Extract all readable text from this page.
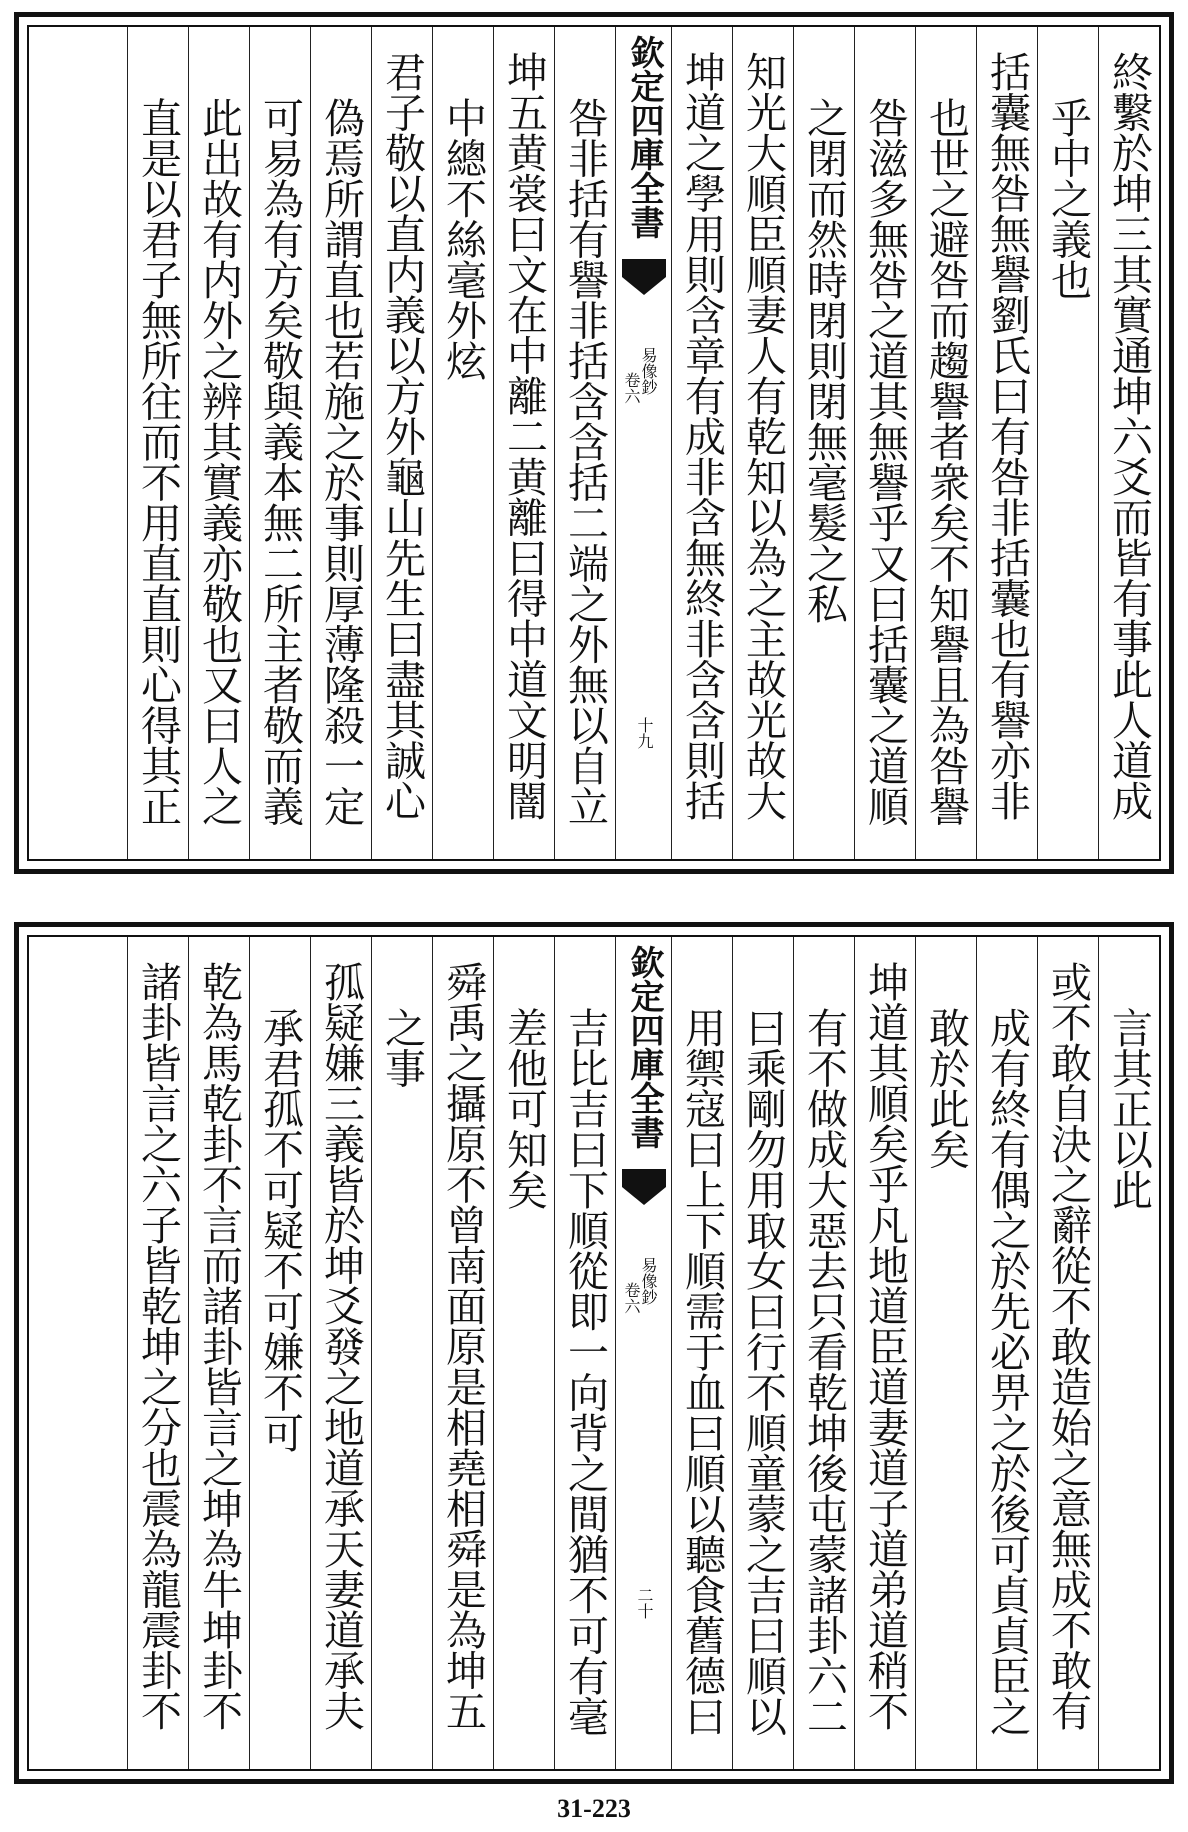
終繫於坤三其實通坤六爻而皆有事此人道成
乎中之義也
括囊無咎無譽劉氏曰有咎非括囊也有譽亦非
也世之避咎而趨譽者衆矣不知譽且為咎譽
咎滋多無咎之道其無譽乎又曰括囊之道順
之閉而然時閉則閉無毫髮之私
知光大順臣順妻人有乾知以為之主故光故大
坤道之學用則含章有成非含無終非含含則括
欽定四庫全書
易像鈔
卷六
十九
咎非括有譽非括含含括二端之外無以自立
坤五黄裳曰文在中離二黄離曰得中道文明闇
中總不絲毫外炫
君子敬以直内義以方外龜山先生曰盡其誠心
偽焉所謂直也若施之於事則厚薄隆殺一定
可易為有方矣敬與義本無二所主者敬而義
此出故有内外之辨其實義亦敬也又曰人之
直是以君子無所往而不用直直則心得其正
言其正以此
或不敢自決之辭從不敢造始之意無成不敢有
成有終有偶之於先必畀之於後可貞貞臣之
敢於此矣
坤道其順矣乎凡地道臣道妻道子道弟道稍不
有不做成大惡去只看乾坤後屯蒙諸卦六二
曰乘剛勿用取女曰行不順童蒙之吉曰順以
用禦寇曰上下順需于血曰順以聽食舊德曰
欽定四庫全書
易像鈔
卷六
二十
吉比吉曰下順從即一向背之間猶不可有毫
差他可知矣
舜禹之攝原不曾南面原是相堯相舜是為坤五
之事
孤疑嫌三義皆於坤爻發之地道承天妻道承夫
承君孤不可疑不可嫌不可
乾為馬乾卦不言而諸卦皆言之坤為牛坤卦不
諸卦皆言之六子皆乾坤之分也震為龍震卦不
31-223
